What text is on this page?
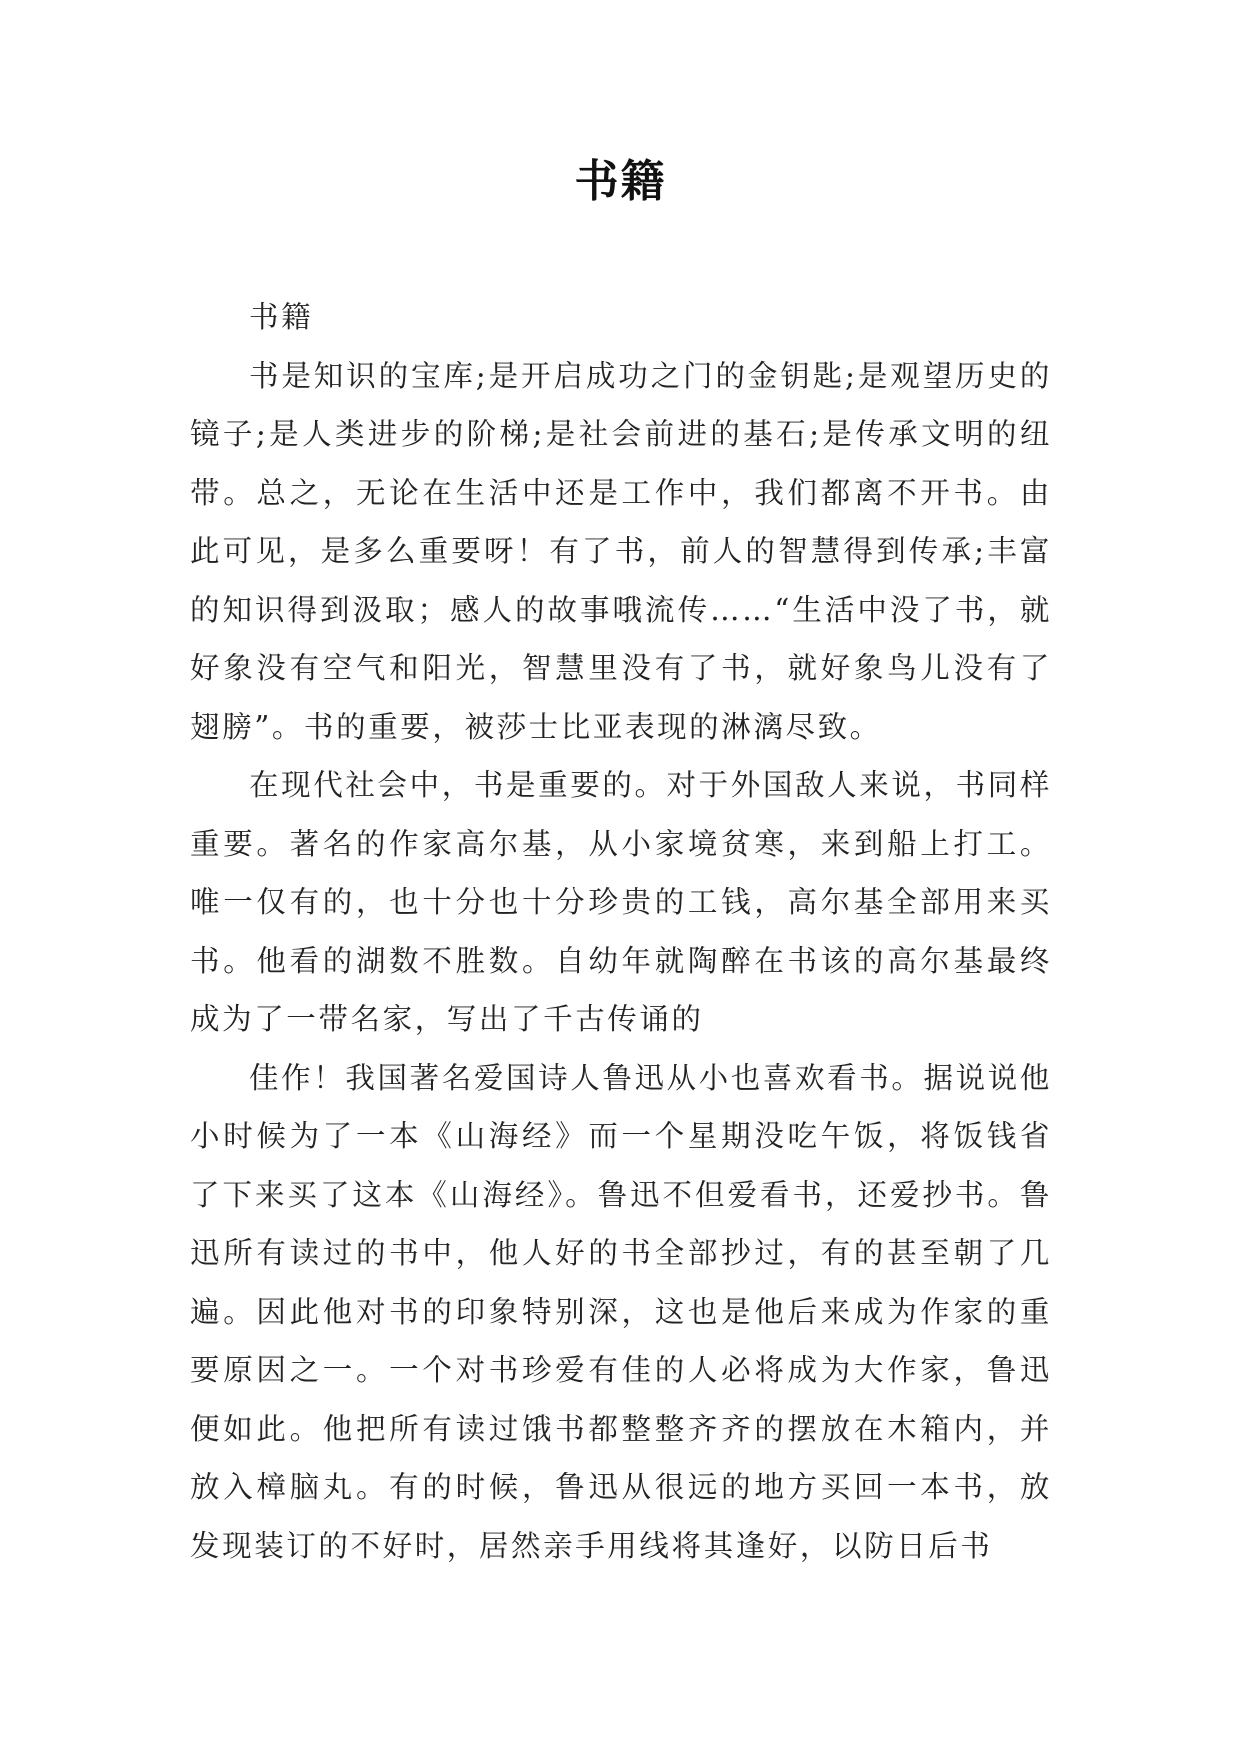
书籍

书籍

书是知识的宝库;是开启成功之门的金钥匙;是观望历史的镜子;是人类进步的阶梯;是社会前进的基石;是传承文明的纽带。总之，无论在生活中还是工作中，我们都离不开书。由此可见，是多么重要呀！有了书，前人的智慧得到传承;丰富的知识得到汲取；感人的故事哦流传……“生活中没了书，就好象没有空气和阳光，智慧里没有了书，就好象鸟儿没有了翅膀”。书的重要，被莎士比亚表现的淋漓尽致。

在现代社会中，书是重要的。对于外国敌人来说，书同样重要。著名的作家高尔基，从小家境贫寒，来到船上打工。唯一仅有的，也十分也十分珍贵的工钱，高尔基全部用来买书。他看的湖数不胜数。自幼年就陶醉在书该的高尔基最终成为了一带名家，写出了千古传诵的

佳作！我国著名爱国诗人鲁迅从小也喜欢看书。据说说他小时候为了一本《山海经》而一个星期没吃午饭，将饭钱省了下来买了这本《山海经》。鲁迅不但爱看书，还爱抄书。鲁迅所有读过的书中，他人好的书全部抄过，有的甚至朝了几遍。因此他对书的印象特别深，这也是他后来成为作家的重要原因之一。一个对书珍爱有佳的人必将成为大作家，鲁迅便如此。他把所有读过饿书都整整齐齐的摆放在木箱内，并放入樟脑丸。有的时候，鲁迅从很远的地方买回一本书，放发现装订的不好时，居然亲手用线将其逢好，以防日后书
